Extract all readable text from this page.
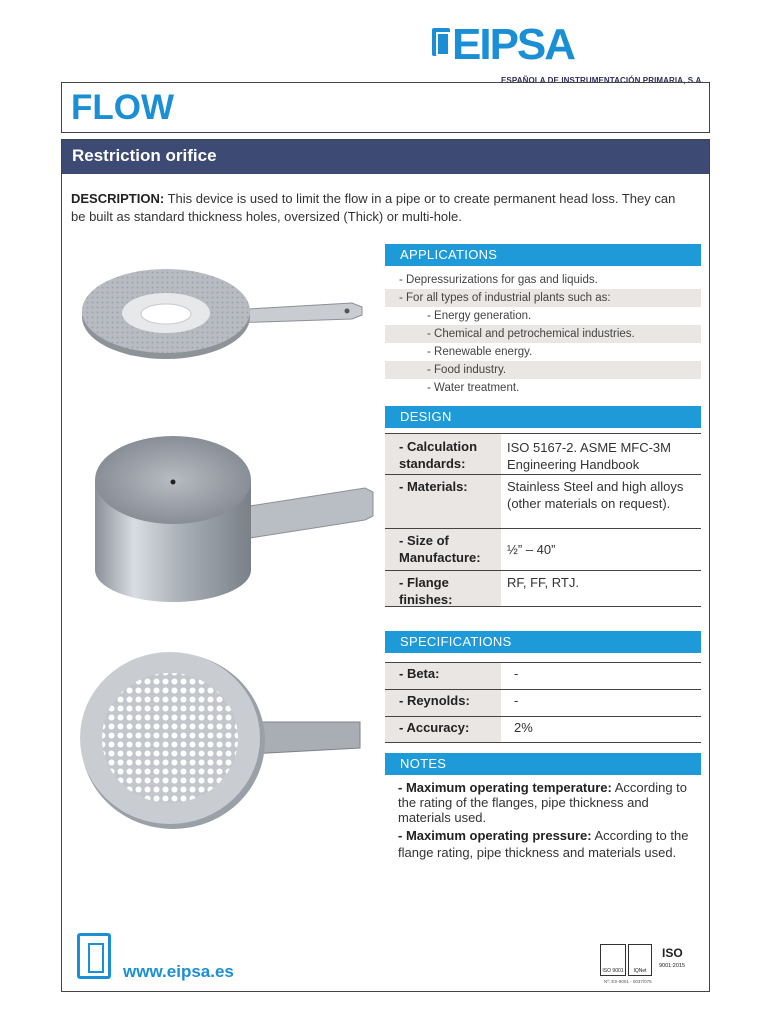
EIPSA
ESPAÑOLA DE INSTRUMENTACIÓN PRIMARIA, S.A.
FLOW
Restriction orifice
DESCRIPTION: This device is used to limit the flow in a pipe or to create permanent head loss. They can be built as standard thickness holes, oversized (Thick) or multi-hole.
APPLICATIONS
- Depressurizations for gas and liquids.
- For all types of industrial plants such as:
- Energy generation.
- Chemical and petrochemical industries.
- Renewable energy.
- Food industry.
- Water treatment.
DESIGN
- Calculation standards:
ISO 5167-2. ASME MFC-3M Engineering Handbook
- Materials:	Stainless Steel and high alloys (other materials on request).
- Size of Manufacture:
½” – 40”
- Flange finishes:
RF, FF, RTJ.
SPECIFICATIONS
- Beta:	-
- Reynolds:	-
- Accuracy:	2%
NOTES

- Maximum operating temperature: According to the rating of the flanges, pipe thickness and materials used.

- Maximum operating pressure: According to the flange rating, pipe thickness and materials used.

www.eipsa.es	ISO 9001	IQNet
ISO
9001:2015
Nº: ES-9001 - 0037/075
